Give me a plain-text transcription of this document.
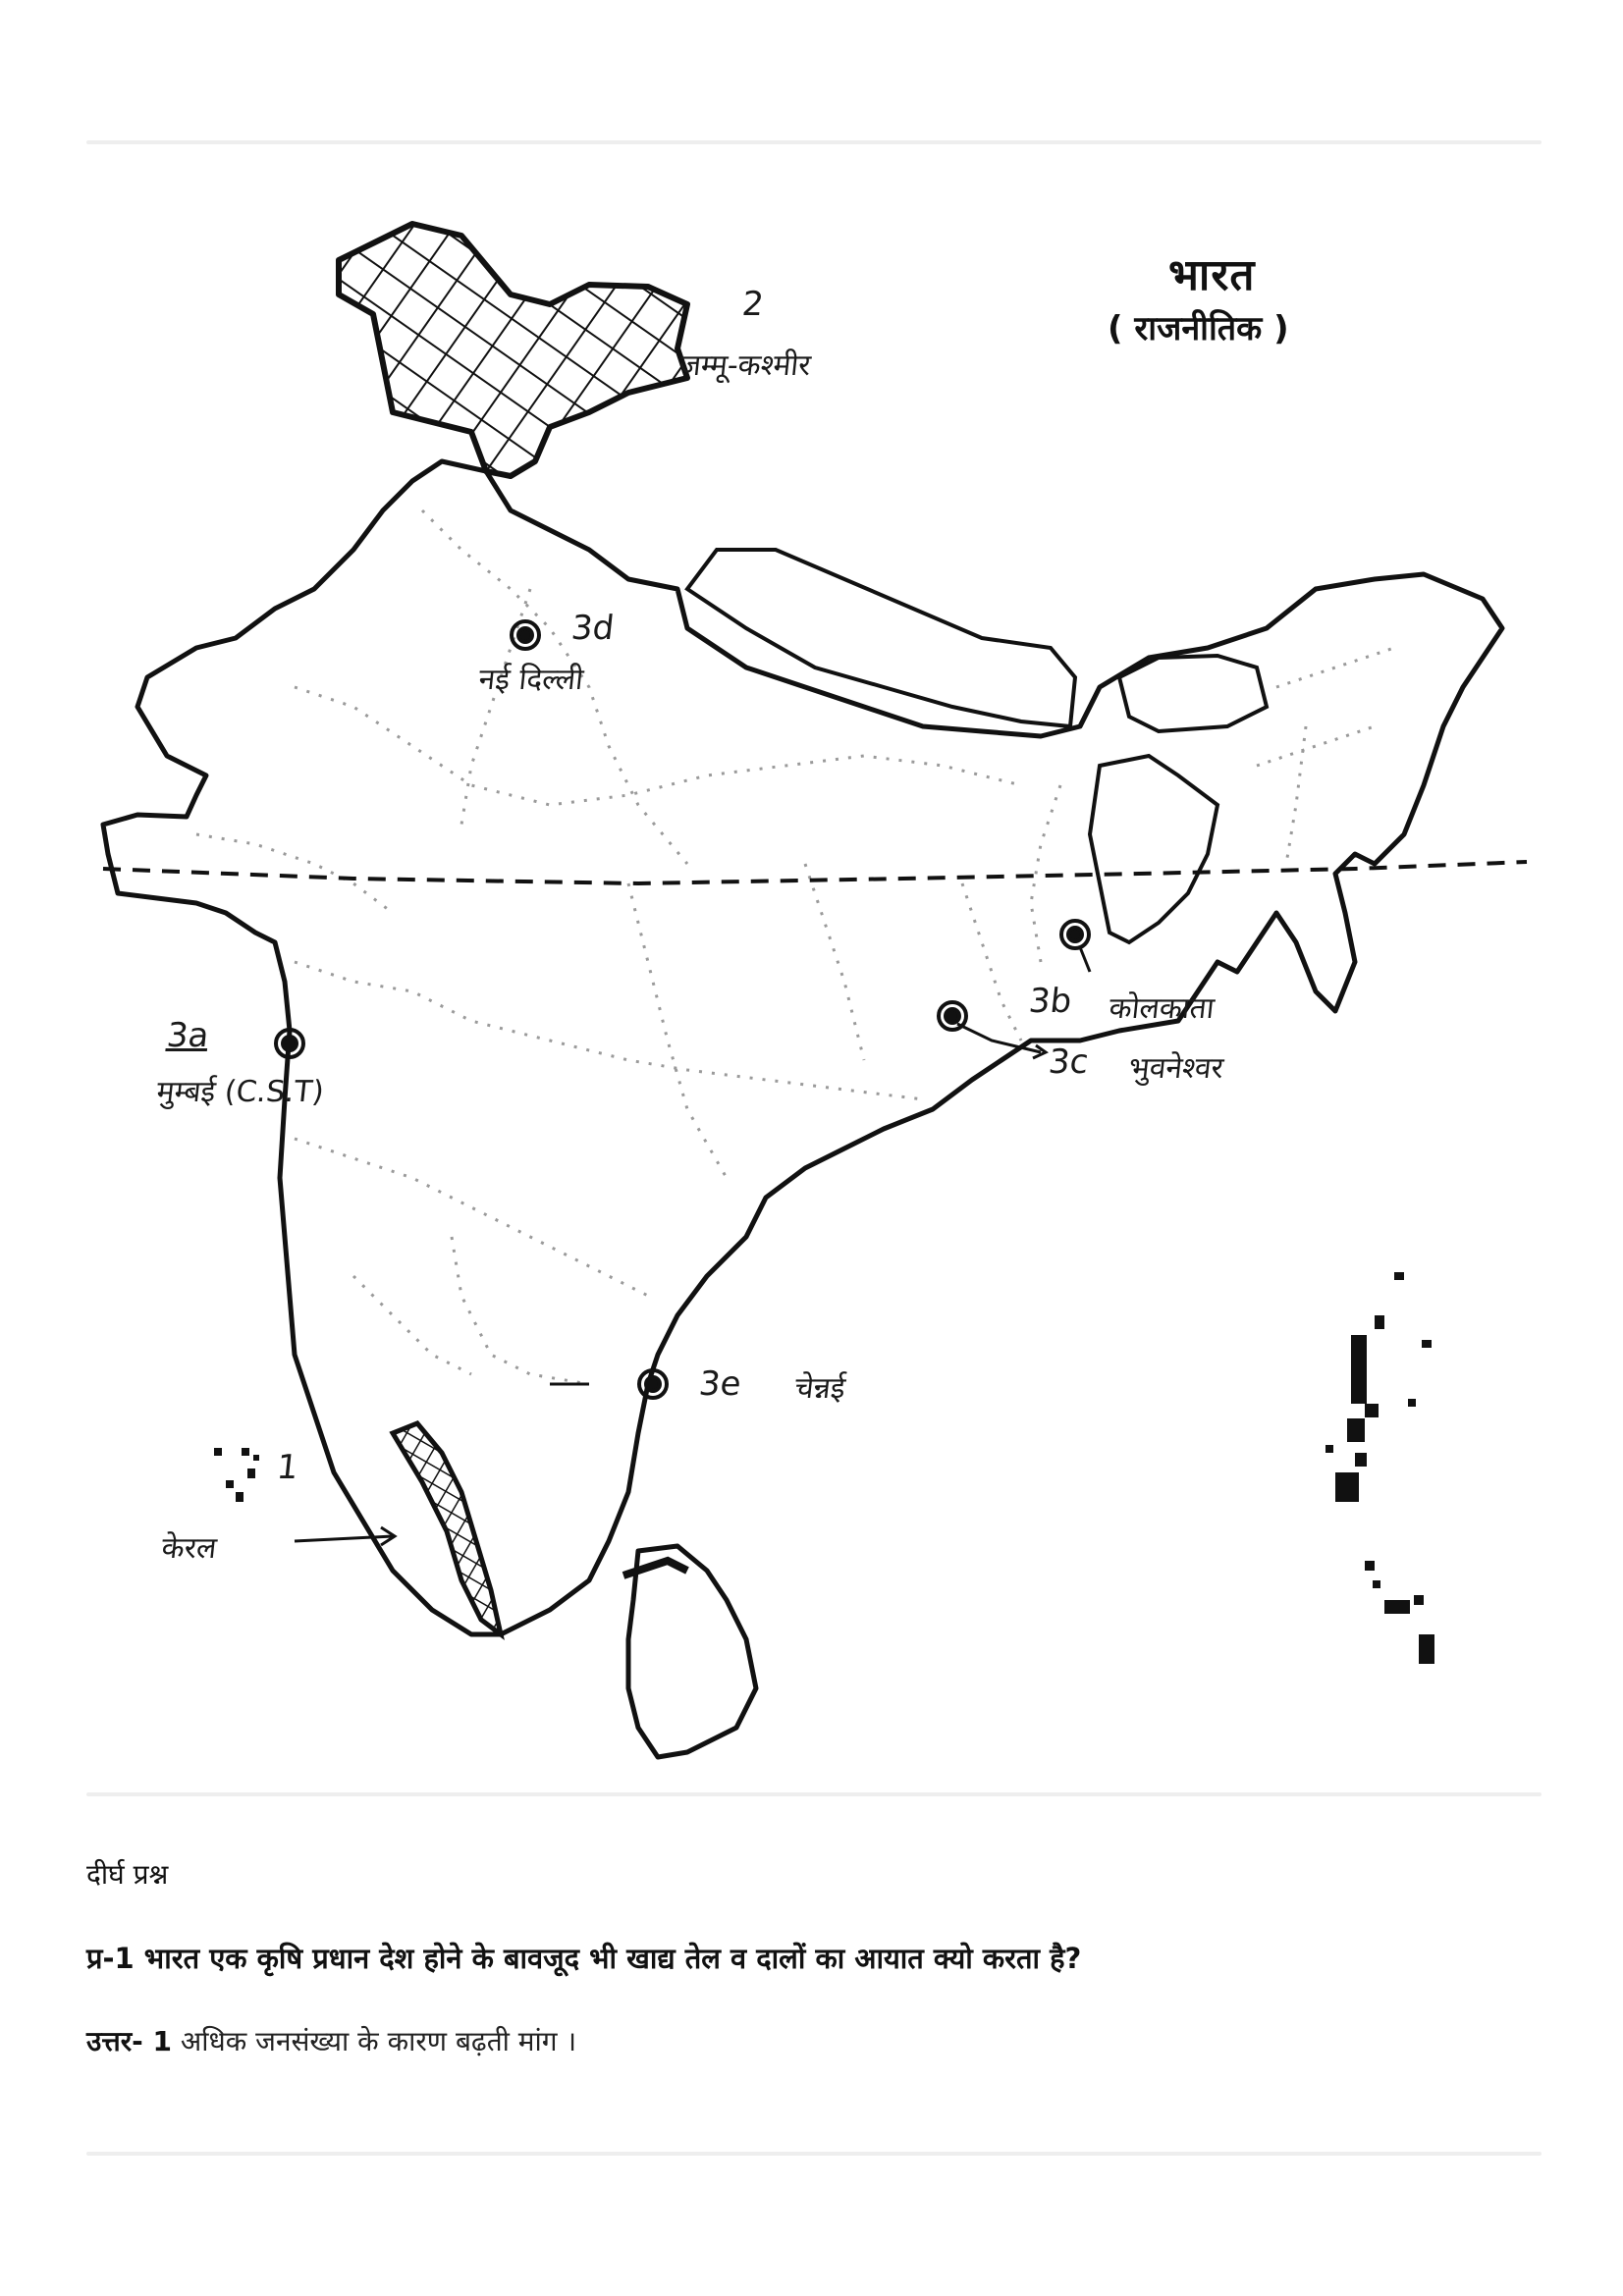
भारत
( राजनीतिक )
2
जम्मू-कश्मीर
3d
नई दिल्ली
3a
मुम्बई (C.S.T)
3b कोलकाता
3c भुवनेश्वर
3e चेन्नई
1
केरल

दीर्घ प्रश्न

प्र-1 भारत एक कृषि प्रधान देश होने के बावजूद भी खाद्य तेल व दालों का आयात क्यो करता है?

उत्तर- 1 अधिक जनसंख्या के कारण बढ़ती मांग ।
